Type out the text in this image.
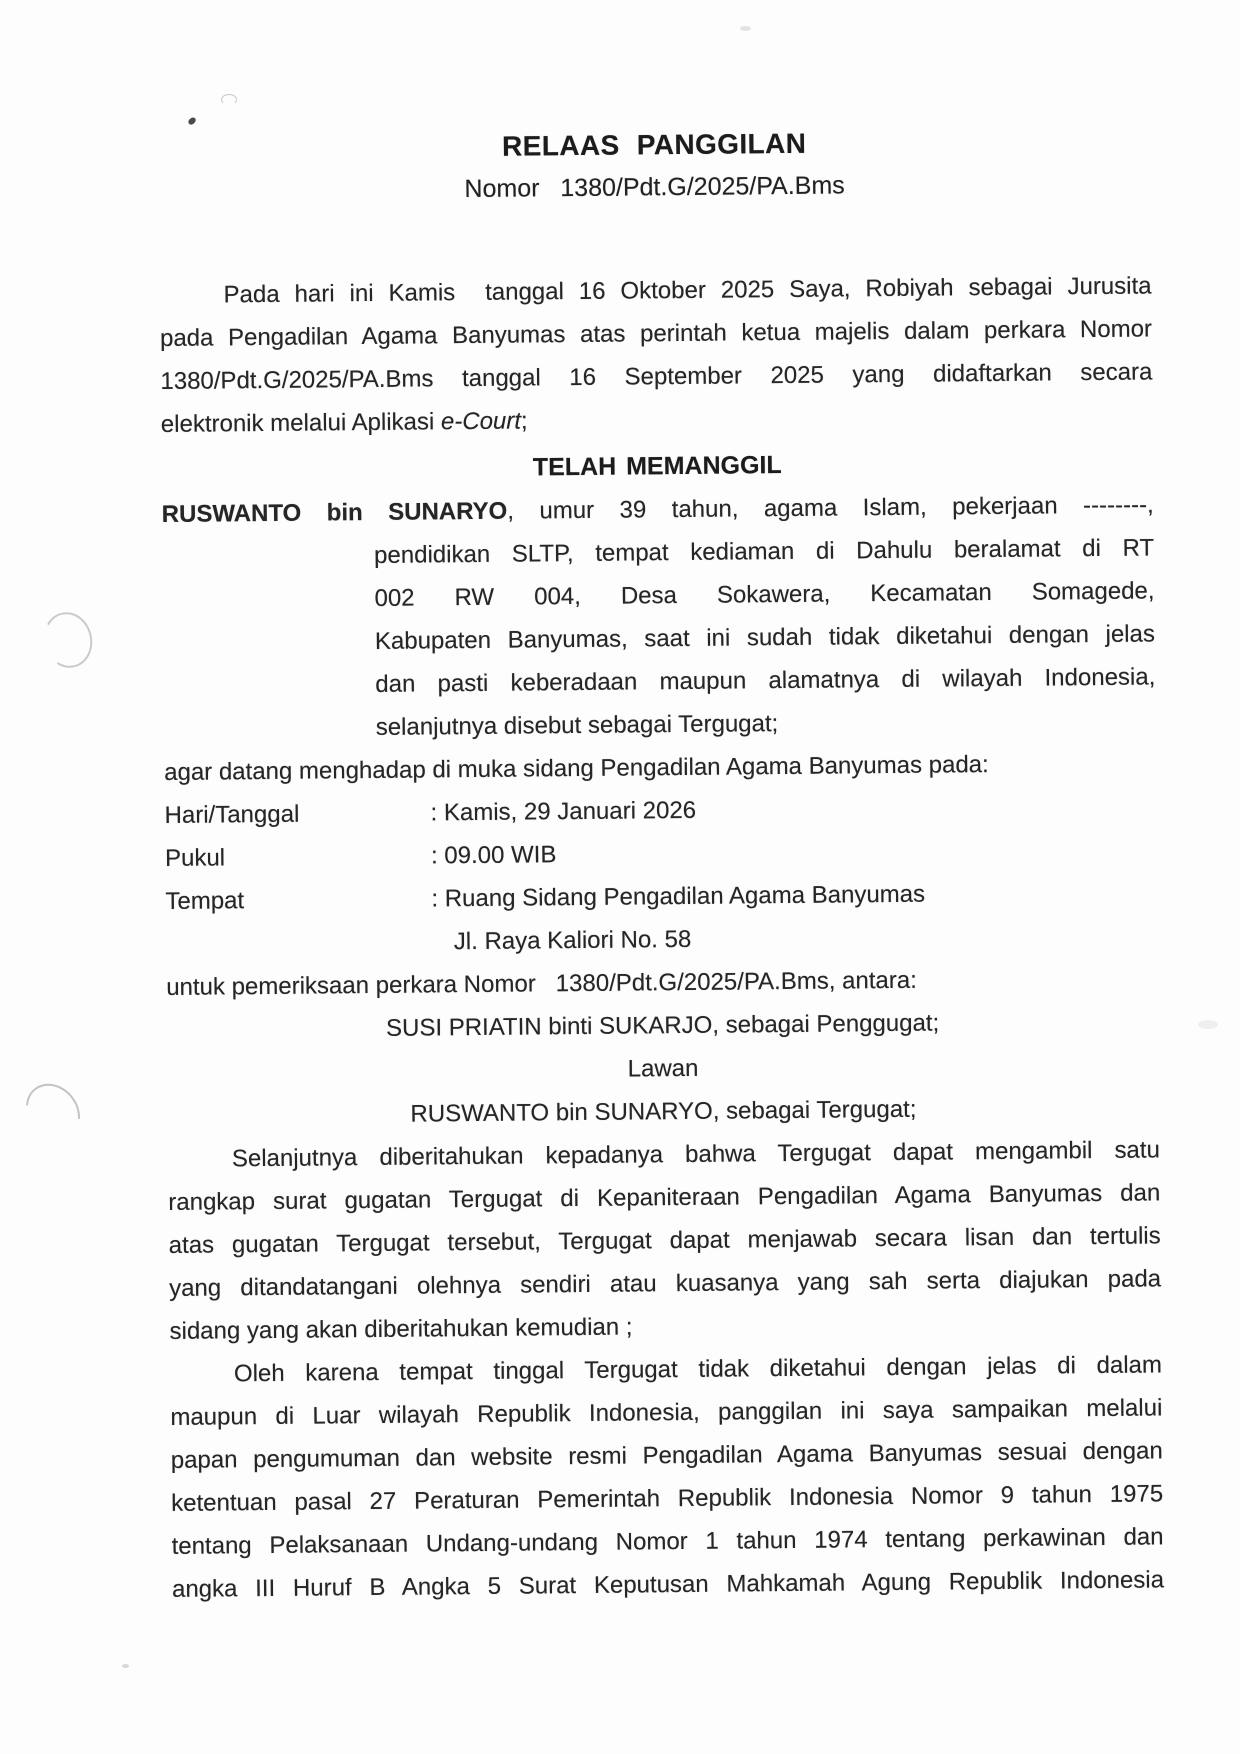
RELAAS PANGGILAN
Nomor   1380/Pdt.G/2025/PA.Bms
Pada hari ini Kamis  tanggal 16 Oktober 2025 Saya, Robiyah sebagai Jurusita
pada Pengadilan Agama Banyumas atas perintah ketua majelis dalam perkara Nomor
1380/Pdt.G/2025/PA.Bms tanggal 16 September 2025 yang didaftarkan secara
elektronik melalui Aplikasi e-Court;
TELAH MEMANGGIL
RUSWANTO bin SUNARYO, umur 39 tahun, agama Islam, pekerjaan --------,
pendidikan SLTP, tempat kediaman di Dahulu beralamat di RT
002 RW 004, Desa Sokawera, Kecamatan Somagede,
Kabupaten Banyumas, saat ini sudah tidak diketahui dengan jelas
dan pasti keberadaan maupun alamatnya di wilayah Indonesia,
selanjutnya disebut sebagai Tergugat;
agar datang menghadap di muka sidang Pengadilan Agama Banyumas pada:
Hari/Tanggal	: Kamis, 29 Januari 2026
Pukul	: 09.00 WIB
Tempat	: Ruang Sidang Pengadilan Agama Banyumas
Jl. Raya Kaliori No. 58
untuk pemeriksaan perkara Nomor   1380/Pdt.G/2025/PA.Bms, antara:
SUSI PRIATIN binti SUKARJO, sebagai Penggugat;
Lawan
RUSWANTO bin SUNARYO, sebagai Tergugat;
Selanjutnya diberitahukan kepadanya bahwa Tergugat dapat mengambil satu
rangkap surat gugatan Tergugat di Kepaniteraan Pengadilan Agama Banyumas dan
atas gugatan Tergugat tersebut, Tergugat dapat menjawab secara lisan dan tertulis
yang ditandatangani olehnya sendiri atau kuasanya yang sah serta diajukan pada
sidang yang akan diberitahukan kemudian ;
Oleh karena tempat tinggal Tergugat tidak diketahui dengan jelas di dalam
maupun di Luar wilayah Republik Indonesia, panggilan ini saya sampaikan melalui
papan pengumuman dan website resmi Pengadilan Agama Banyumas sesuai dengan
ketentuan pasal 27 Peraturan Pemerintah Republik Indonesia Nomor 9 tahun 1975
tentang Pelaksanaan Undang-undang Nomor 1 tahun 1974 tentang perkawinan dan
angka III Huruf B Angka 5 Surat Keputusan Mahkamah Agung Republik Indonesia
